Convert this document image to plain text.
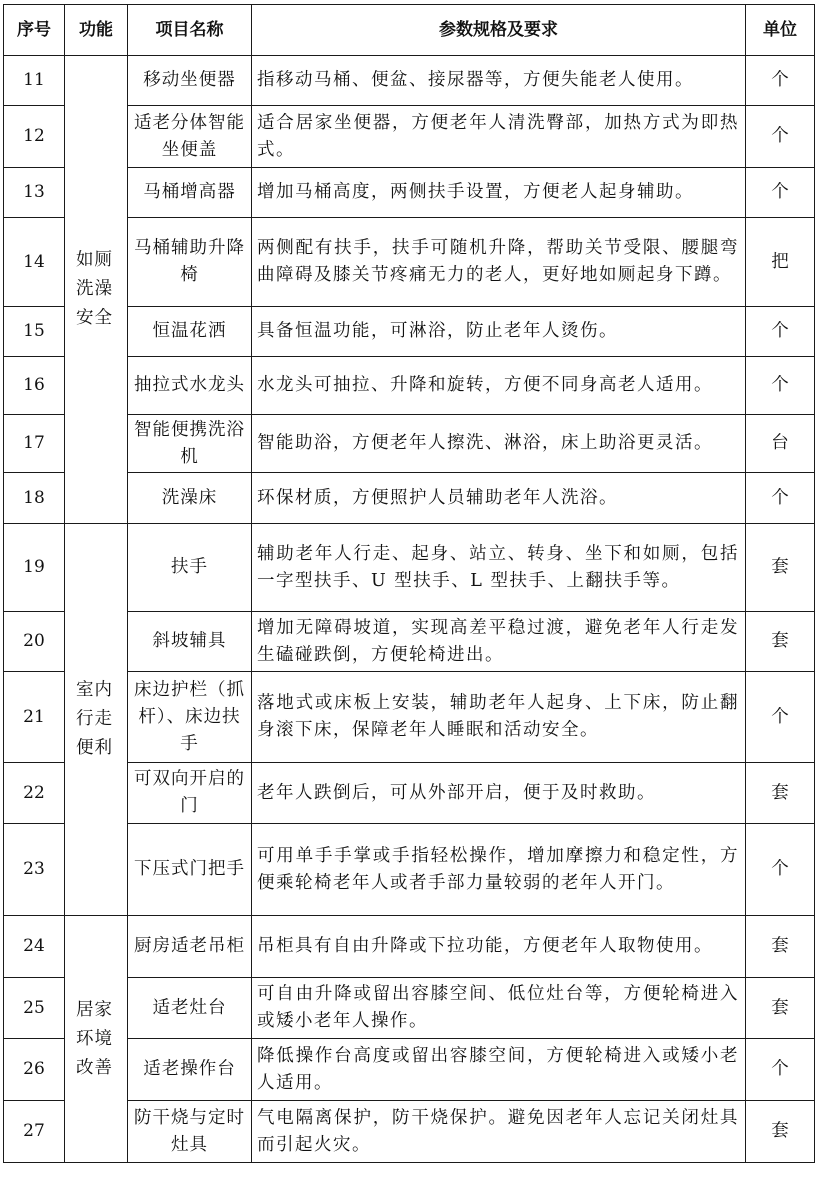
序号	功能	项目名称	参数规格及要求	单位
11	如厕洗澡安全	移动坐便器	指移动马桶、便盆、接尿器等，方便失能老人使用。	个
12		适老分体智能坐便盖	适合居家坐便器，方便老年人清洗臀部，加热方式为即热式。	个
13		马桶增高器	增加马桶高度，两侧扶手设置，方便老人起身辅助。	个
14		马桶辅助升降椅	两侧配有扶手，扶手可随机升降，帮助关节受限、腰腿弯曲障碍及膝关节疼痛无力的老人，更好地如厕起身下蹲。	把
15		恒温花洒	具备恒温功能，可淋浴，防止老年人烫伤。	个
16		抽拉式水龙头	水龙头可抽拉、升降和旋转，方便不同身高老人适用。	个
17		智能便携洗浴机	智能助浴，方便老年人擦洗、淋浴，床上助浴更灵活。	台
18		洗澡床	环保材质，方便照护人员辅助老年人洗浴。	个
19	室内行走便利	扶手	辅助老年人行走、起身、站立、转身、坐下和如厕，包括一字型扶手、U 型扶手、L 型扶手、上翻扶手等。	套
20		斜坡辅具	增加无障碍坡道，实现高差平稳过渡，避免老年人行走发生磕碰跌倒，方便轮椅进出。	套
21		床边护栏（抓杆）、床边扶手	落地式或床板上安装，辅助老年人起身、上下床，防止翻身滚下床，保障老年人睡眠和活动安全。	个
22		可双向开启的门	老年人跌倒后，可从外部开启，便于及时救助。	套
23		下压式门把手	可用单手手掌或手指轻松操作，增加摩擦力和稳定性，方便乘轮椅老年人或者手部力量较弱的老年人开门。	个
24	居家环境改善	厨房适老吊柜	吊柜具有自由升降或下拉功能，方便老年人取物使用。	套
25		适老灶台	可自由升降或留出容膝空间、低位灶台等，方便轮椅进入或矮小老年人操作。	套
26		适老操作台	降低操作台高度或留出容膝空间，方便轮椅进入或矮小老人适用。	个
27		防干烧与定时灶具	气电隔离保护，防干烧保护。避免因老年人忘记关闭灶具而引起火灾。	套
